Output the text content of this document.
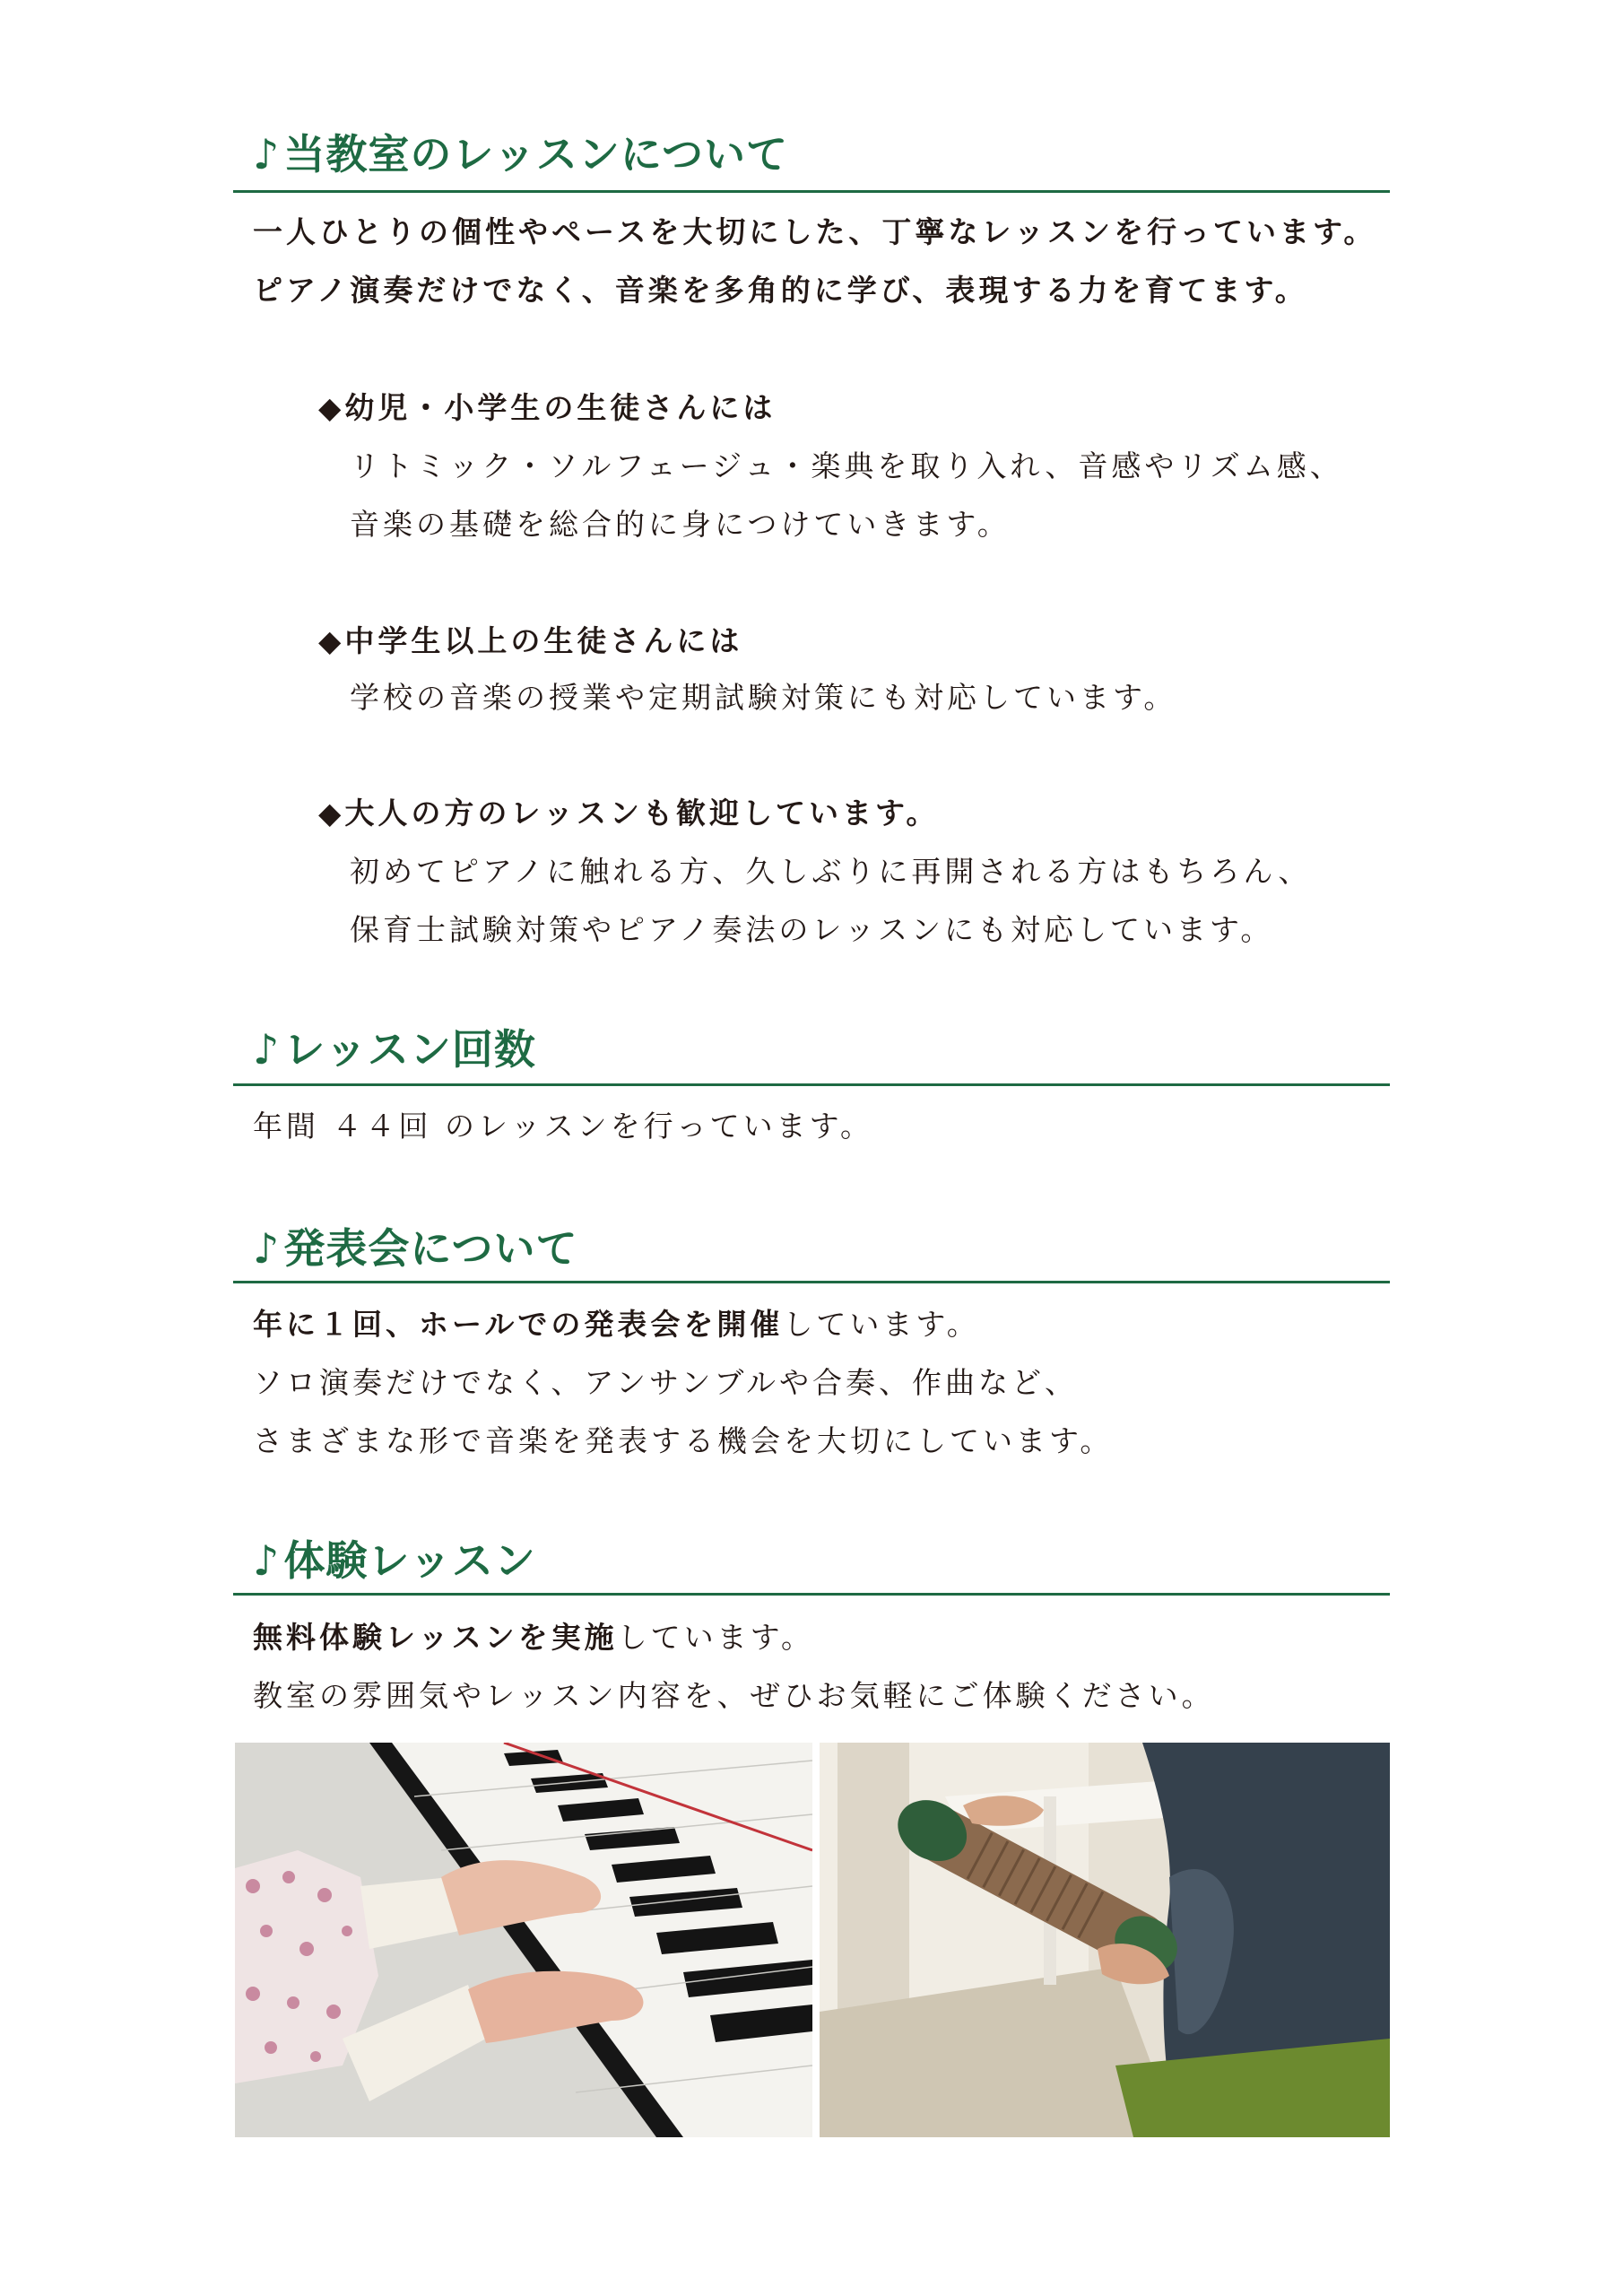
♪当教室のレッスンについて

一人ひとりの個性やペースを大切にした、丁寧なレッスンを行っています。

ピアノ演奏だけでなく、音楽を多角的に学び、表現する力を育てます。

◆幼児・小学生の生徒さんには

リトミック・ソルフェージュ・楽典を取り入れ、音感やリズム感、

音楽の基礎を総合的に身につけていきます。

◆中学生以上の生徒さんには

学校の音楽の授業や定期試験対策にも対応しています。

◆大人の方のレッスンも歓迎しています。

初めてピアノに触れる方、久しぶりに再開される方はもちろん、

保育士試験対策やピアノ奏法のレッスンにも対応しています。

♪レッスン回数

年間 ４４回 のレッスンを行っています。

♪発表会について

年に１回、ホールでの発表会を開催しています。

ソロ演奏だけでなく、アンサンブルや合奏、作曲など、

さまざまな形で音楽を発表する機会を大切にしています。

♪体験レッスン

無料体験レッスンを実施しています。

教室の雰囲気やレッスン内容を、ぜひお気軽にご体験ください。
